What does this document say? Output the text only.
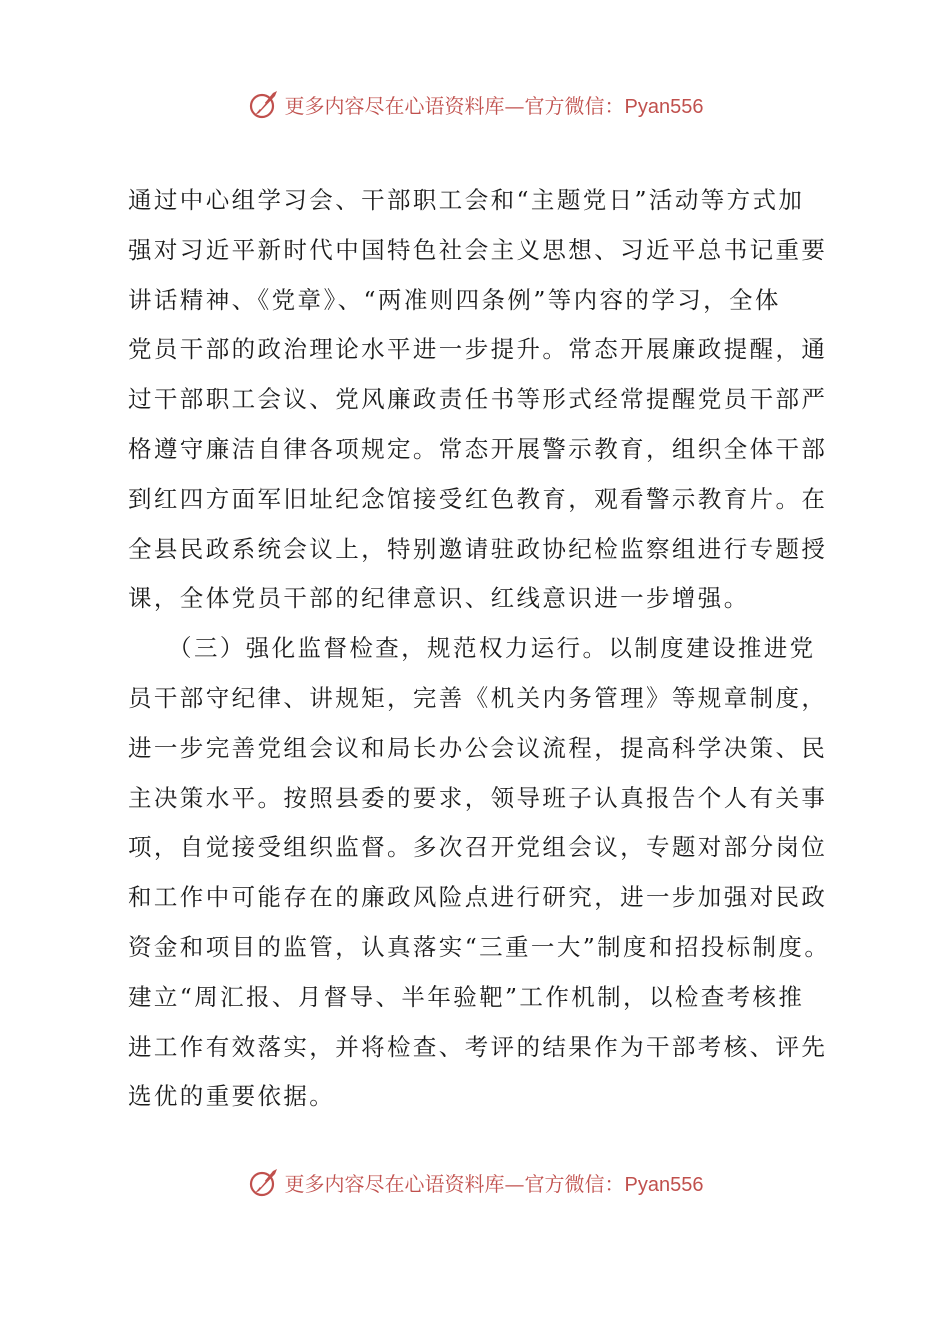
更多内容尽在心语资料库—官方微信：Pyan556
通过中心组学习会、干部职工会和“主题党日”活动等方式加
强对习近平新时代中国特色社会主义思想、习近平总书记重要
讲话精神、《党章》、“两准则四条例”等内容的学习，全体
党员干部的政治理论水平进一步提升。常态开展廉政提醒，通
过干部职工会议、党风廉政责任书等形式经常提醒党员干部严
格遵守廉洁自律各项规定。常态开展警示教育，组织全体干部
到红四方面军旧址纪念馆接受红色教育，观看警示教育片。在
全县民政系统会议上，特别邀请驻政协纪检监察组进行专题授
课，全体党员干部的纪律意识、红线意识进一步增强。
　　（三）强化监督检查，规范权力运行。以制度建设推进党
员干部守纪律、讲规矩，完善《机关内务管理》等规章制度，
进一步完善党组会议和局长办公会议流程，提高科学决策、民
主决策水平。按照县委的要求，领导班子认真报告个人有关事
项，自觉接受组织监督。多次召开党组会议，专题对部分岗位
和工作中可能存在的廉政风险点进行研究，进一步加强对民政
资金和项目的监管，认真落实“三重一大”制度和招投标制度。
建立“周汇报、月督导、半年验靶”工作机制，以检查考核推
进工作有效落实，并将检查、考评的结果作为干部考核、评先
选优的重要依据。
更多内容尽在心语资料库—官方微信：Pyan556
